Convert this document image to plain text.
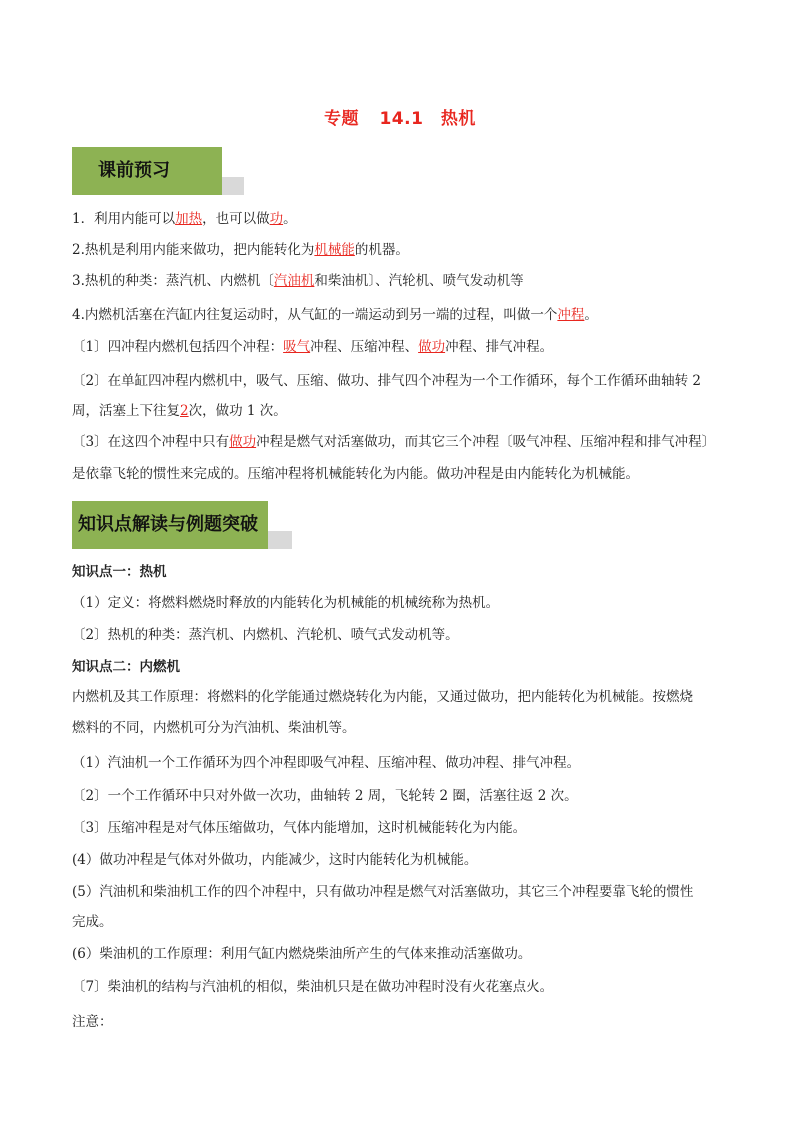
专题 14.1　热机
课前预习
1．利用内能可以加热，也可以做功。
2.热机是利用内能来做功，把内能转化为机械能的机器。
3.热机的种类：蒸汽机、内燃机〔汽油机和柴油机〕、汽轮机、喷气发动机等
4.内燃机活塞在汽缸内往复运动时，从气缸的一端运动到另一端的过程，叫做一个冲程。
〔1〕四冲程内燃机包括四个冲程：吸气冲程、压缩冲程、做功冲程、排气冲程。
〔2〕在单缸四冲程内燃机中，吸气、压缩、做功、排气四个冲程为一个工作循环，每个工作循环曲轴转 2
周，活塞上下往复2次，做功 1 次。
〔3〕在这四个冲程中只有做功冲程是燃气对活塞做功，而其它三个冲程〔吸气冲程、压缩冲程和排气冲程〕
是依靠飞轮的惯性来完成的。压缩冲程将机械能转化为内能。做功冲程是由内能转化为机械能。
知识点解读与例题突破
知识点一：热机
（1）定义：将燃料燃烧时释放的内能转化为机械能的机械统称为热机。
〔2〕热机的种类：蒸汽机、内燃机、汽轮机、喷气式发动机等。
知识点二：内燃机
内燃机及其工作原理：将燃料的化学能通过燃烧转化为内能，又通过做功，把内能转化为机械能。按燃烧
燃料的不同，内燃机可分为汽油机、柴油机等。
（1）汽油机一个工作循环为四个冲程即吸气冲程、压缩冲程、做功冲程、排气冲程。
〔2〕一个工作循环中只对外做一次功，曲轴转 2 周，飞轮转 2 圈，活塞往返 2 次。
〔3〕压缩冲程是对气体压缩做功，气体内能增加，这时机械能转化为内能。
(4）做功冲程是气体对外做功，内能减少，这时内能转化为机械能。
(5）汽油机和柴油机工作的四个冲程中，只有做功冲程是燃气对活塞做功，其它三个冲程要靠飞轮的惯性
完成。
(6）柴油机的工作原理：利用气缸内燃烧柴油所产生的气体来推动活塞做功。
〔7〕柴油机的结构与汽油机的相似，柴油机只是在做功冲程时没有火花塞点火。
注意：
